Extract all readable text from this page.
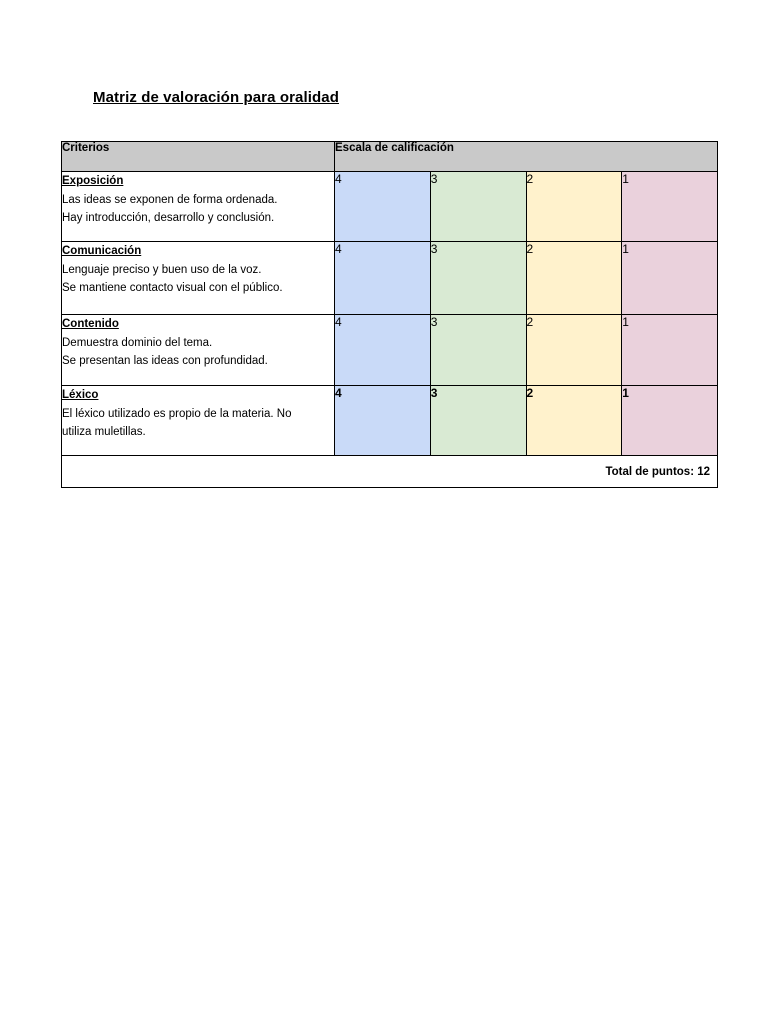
Matriz de valoración para oralidad
Criterios	Escala de calificación			

Exposición
Las ideas se exponen de forma ordenada.
Hay introducción, desarrollo y conclusión.	4	3	2	1

Comunicación
Lenguaje preciso y buen uso de la voz.
Se mantiene contacto visual con el público.	4	3	2	1

Contenido
Demuestra dominio del tema.
Se presentan las ideas con profundidad.	4	3	2	1

Léxico
El léxico utilizado es propio de la materia. No
utiliza muletillas.	4	3	2	1
Total de puntos: 12				
